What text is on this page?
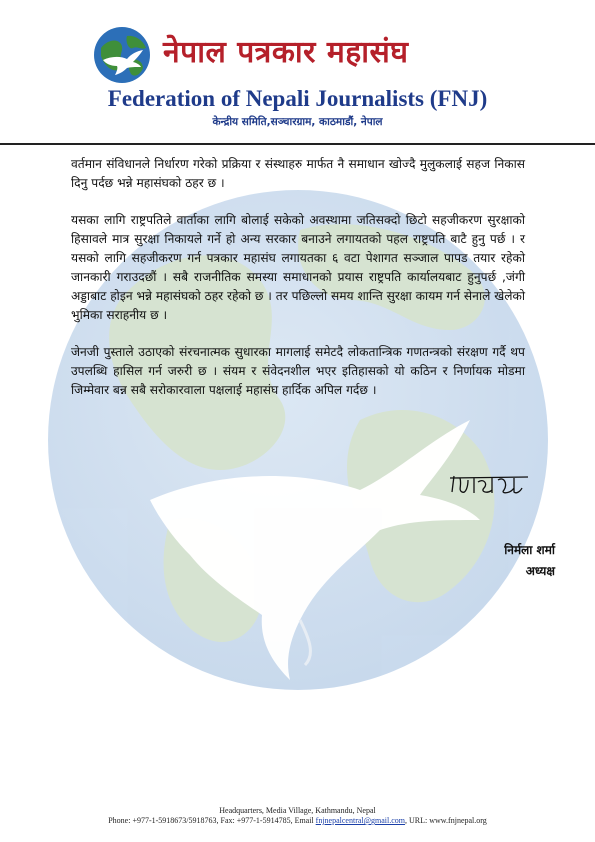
नेपाल पत्रकार महासंघ
Federation of Nepali Journalists (FNJ)
केन्द्रीय समिति,सञ्चारग्राम, काठमाडौं, नेपाल

वर्तमान संविधानले निर्धारण गरेको प्रक्रिया र संस्थाहरु मार्फत नै समाधान खोज्दै मुलुकलाई सहज निकास दिनु पर्दछ भन्ने महासंघको ठहर छ ।

यसका लागि राष्ट्रपतिले वार्ताका लागि बोलाई सकेको अवस्थामा जतिसक्दो छिटो सहजीकरण सुरक्षाको हिसावले मात्र सुरक्षा निकायले गर्ने हो अन्य सरकार बनाउने लगायतको पहल राष्ट्रपति बाटै हुनु पर्छ । र यसको लागि सहजीकरण गर्न पत्रकार महासंघ लगायतका ६ वटा पेशागत सञ्जाल पापड तयार रहेको जानकारी गराउदछौं । सबै राजनीतिक समस्या समाधानको प्रयास राष्ट्रपति कार्यालयबाट हुनुपर्छ ,जंगी अड्डाबाट होइन भन्ने महासंघको ठहर रहेको छ । तर पछिल्लो समय शान्ति सुरक्षा कायम गर्न सेनाले खेलेको भुमिका सराहनीय छ ।

जेनजी पुस्ताले उठाएको संरचनात्मक सुधारका मागलाई समेटदै लोकतान्त्रिक गणतन्त्रको संरक्षण गर्दै थप उपलब्धि हासिल गर्न जरुरी छ । संयम र संवेदनशील भएर इतिहासको यो कठिन र निर्णायक मोडमा जिम्मेवार बन्न सबै सरोकारवाला पक्षलाई महासंघ हार्दिक अपिल गर्दछ ।

निर्मला शर्मा
अध्यक्ष
Headquarters, Media Village, Kathmandu, Nepal
Phone: +977-1-5918673/5918763, Fax: +977-1-5914785, Email fnjnepalcentral@gmail.com, URL: www.fnjnepal.org
